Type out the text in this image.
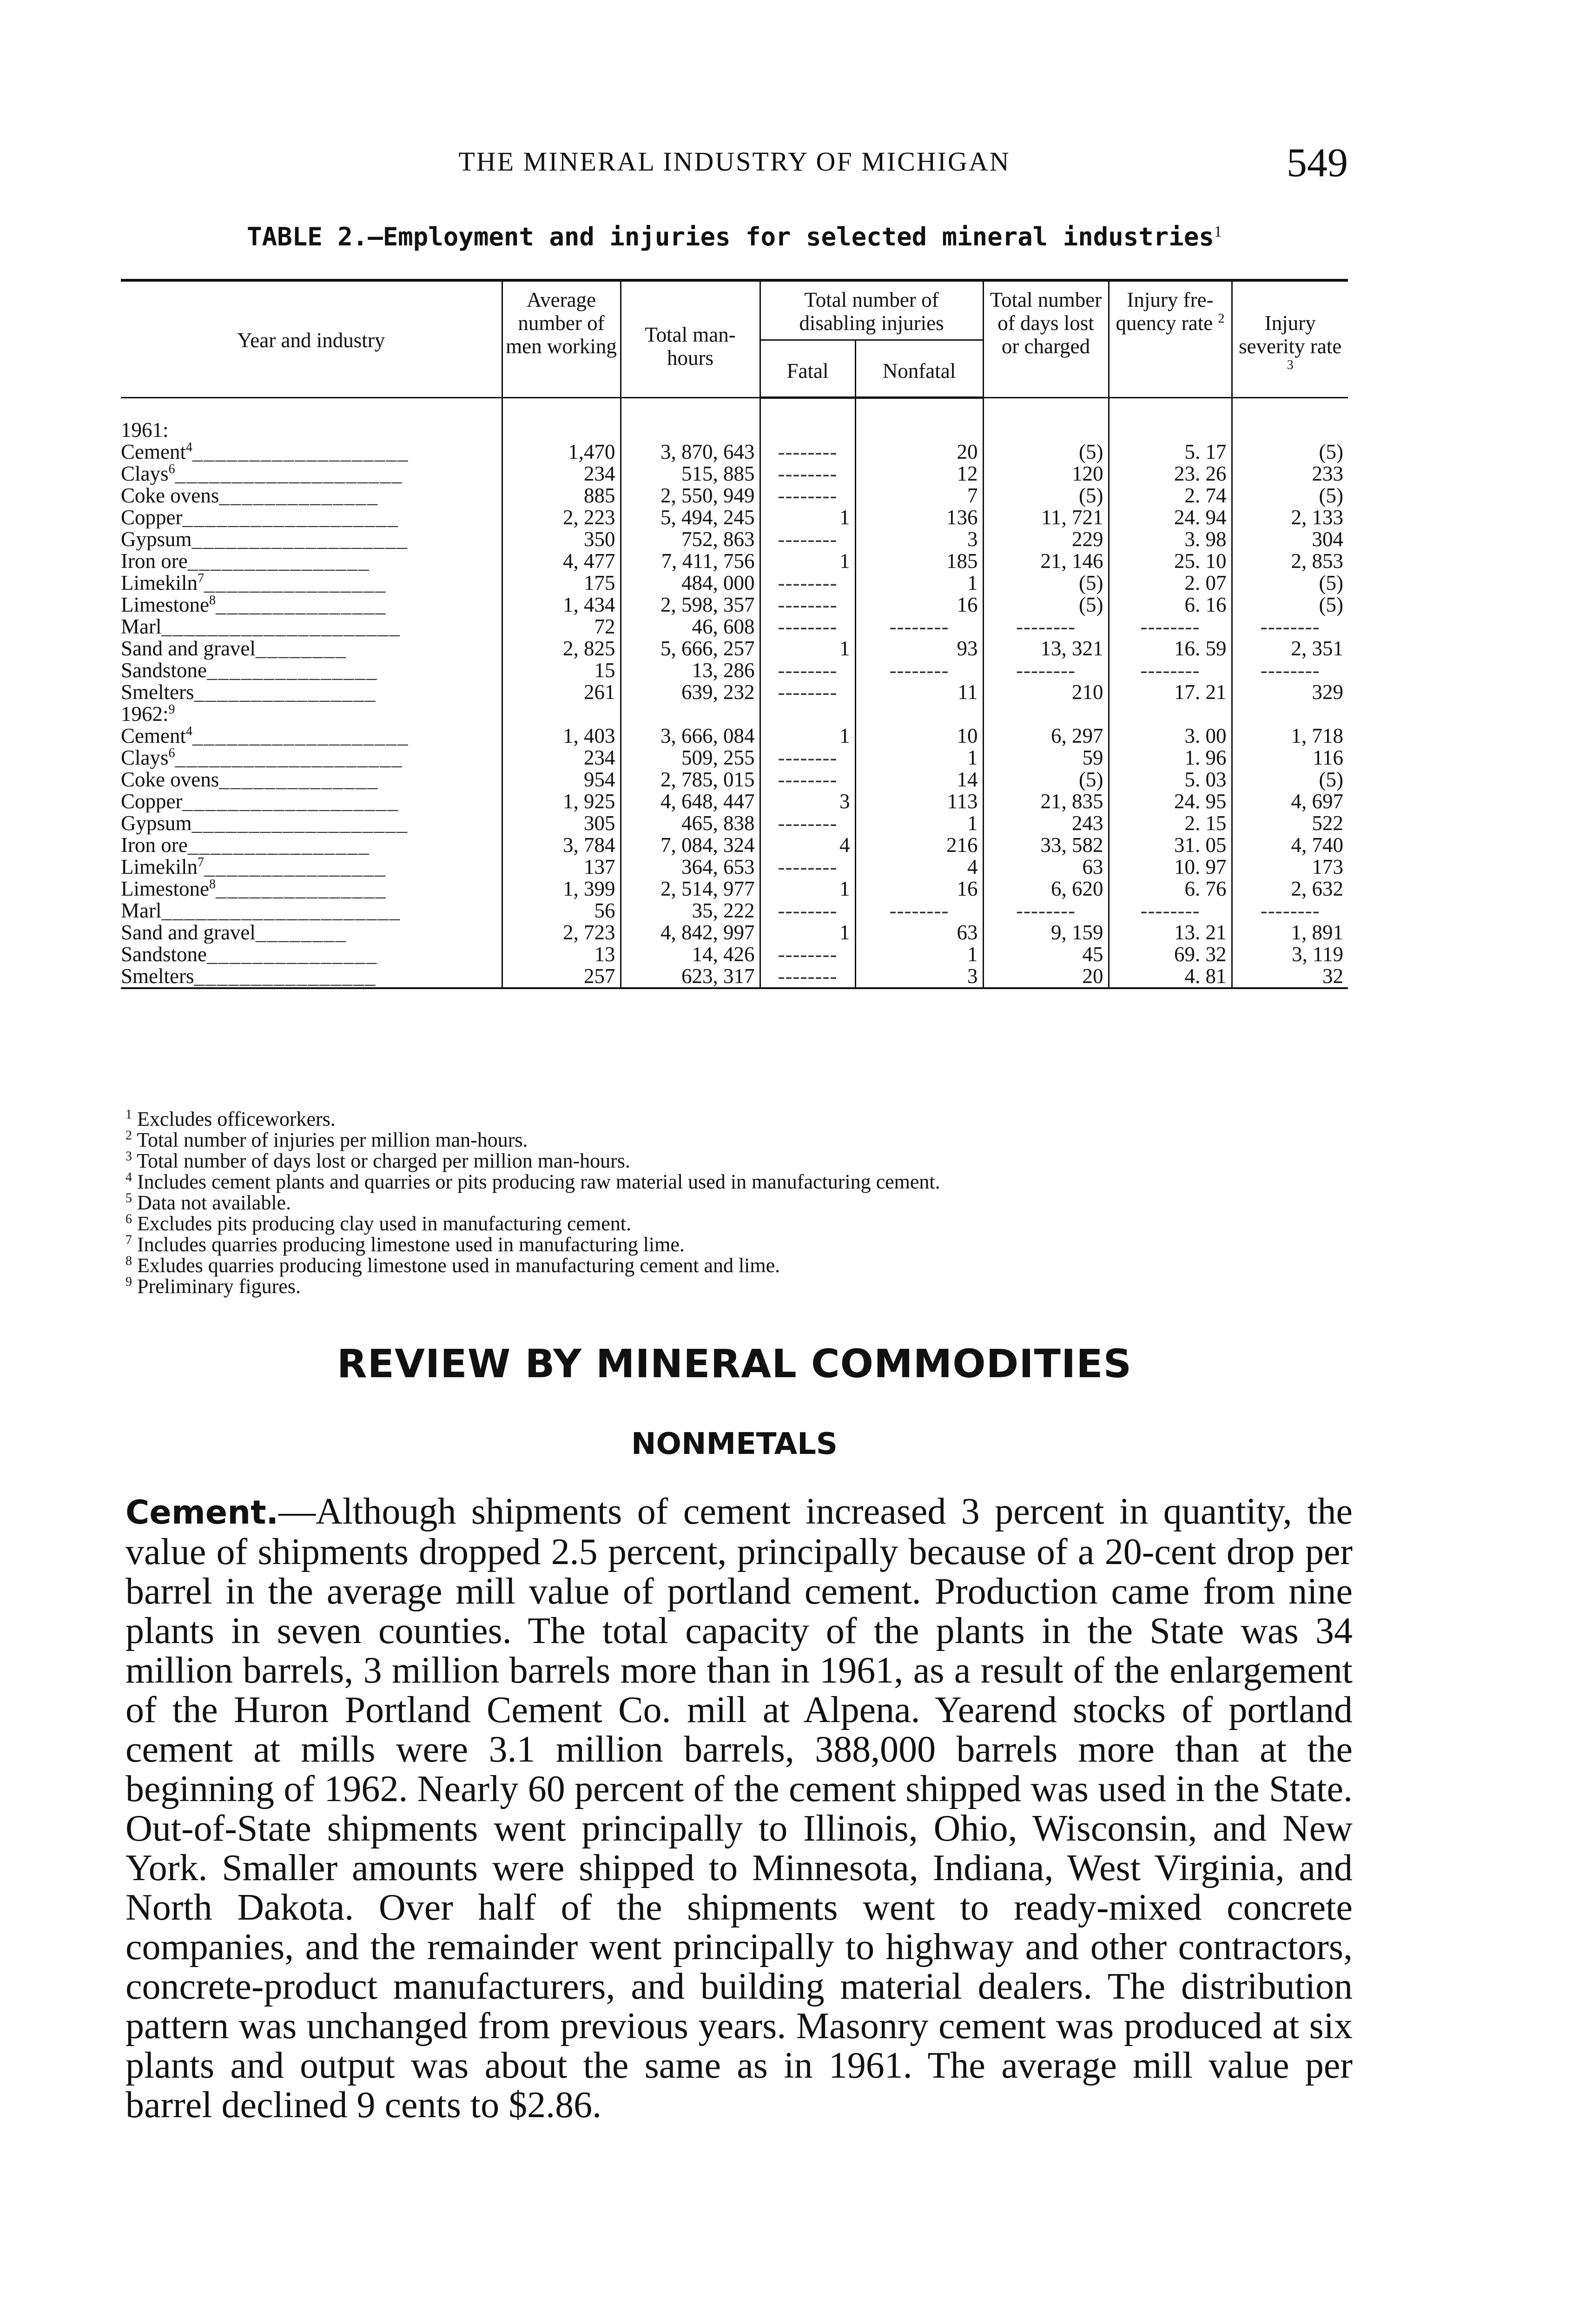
THE MINERAL INDUSTRY OF MICHIGAN	549
TABLE 2.—Employment and injuries for selected mineral industries$^1$
Year and industry	Average number of men working	Total man-hours	Total number of disabling injuries		Total number of days lost or charged	Injury fre- quency rate $^2$	Injury severity rate $^3$
			Fatal	Nonfatal			

1961:							
Cement$^4$___________________	1,470	3, 870, 643	--------	20	(5)	5. 17	(5)
Clays$^6$____________________	234	515, 885	--------	12	120	23. 26	233
Coke ovens______________	885	2, 550, 949	--------	7	(5)	2. 74	(5)
Copper___________________	2, 223	5, 494, 245	1	136	11, 721	24. 94	2, 133
Gypsum___________________	350	752, 863	--------	3	229	3. 98	304
Iron ore________________	4, 477	7, 411, 756	1	185	21, 146	25. 10	2, 853
Limekiln$^7$________________	175	484, 000	--------	1	(5)	2. 07	(5)
Limestone$^8$_______________	1, 434	2, 598, 357	--------	16	(5)	6. 16	(5)
Marl_____________________	72	46, 608	--------	--------	--------	--------	--------
Sand and gravel________	2, 825	5, 666, 257	1	93	13, 321	16. 59	2, 351
Sandstone_______________	15	13, 286	--------	--------	--------	--------	--------
Smelters________________	261	639, 232	--------	11	210	17. 21	329
1962:$^9$							
Cement$^4$___________________	1, 403	3, 666, 084	1	10	6, 297	3. 00	1, 718
Clays$^6$____________________	234	509, 255	--------	1	59	1. 96	116
Coke ovens______________	954	2, 785, 015	--------	14	(5)	5. 03	(5)
Copper___________________	1, 925	4, 648, 447	3	113	21, 835	24. 95	4, 697
Gypsum___________________	305	465, 838	--------	1	243	2. 15	522
Iron ore________________	3, 784	7, 084, 324	4	216	33, 582	31. 05	4, 740
Limekiln$^7$________________	137	364, 653	--------	4	63	10. 97	173
Limestone$^8$_______________	1, 399	2, 514, 977	1	16	6, 620	6. 76	2, 632
Marl_____________________	56	35, 222	--------	--------	--------	--------	--------
Sand and gravel________	2, 723	4, 842, 997	1	63	9, 159	13. 21	1, 891
Sandstone_______________	13	14, 426	--------	1	45	69. 32	3, 119
Smelters________________	257	623, 317	--------	3	20	4. 81	32
$^1$ Excludes officeworkers.
$^2$ Total number of injuries per million man-hours.
$^3$ Total number of days lost or charged per million man-hours.
$^4$ Includes cement plants and quarries or pits producing raw material used in manufacturing cement.
$^5$ Data not available.
$^6$ Excludes pits producing clay used in manufacturing cement.
$^7$ Includes quarries producing limestone used in manufacturing lime.
$^8$ Exludes quarries producing limestone used in manufacturing cement and lime.
$^9$ Preliminary figures.
REVIEW BY MINERAL COMMODITIES
NONMETALS
Cement.—Although shipments of cement increased 3 percent in quantity, the value of shipments dropped 2.5 percent, principally because of a 20-cent drop per barrel in the average mill value of portland cement. Production came from nine plants in seven counties. The total capacity of the plants in the State was 34 million barrels, 3 million barrels more than in 1961, as a result of the enlargement of the Huron Portland Cement Co. mill at Alpena. Yearend stocks of portland cement at mills were 3.1 million barrels, 388,000 barrels more than at the beginning of 1962. Nearly 60 percent of the cement shipped was used in the State. Out-of-State shipments went principally to Illinois, Ohio, Wisconsin, and New York. Smaller amounts were shipped to Minnesota, Indiana, West Virginia, and North Dakota. Over half of the shipments went to ready-mixed concrete companies, and the remainder went principally to highway and other contractors, concrete-product manufacturers, and building material dealers. The distribution pattern was unchanged from previous years. Masonry cement was produced at six plants and output was about the same as in 1961. The average mill value per barrel declined 9 cents to $2.86.
